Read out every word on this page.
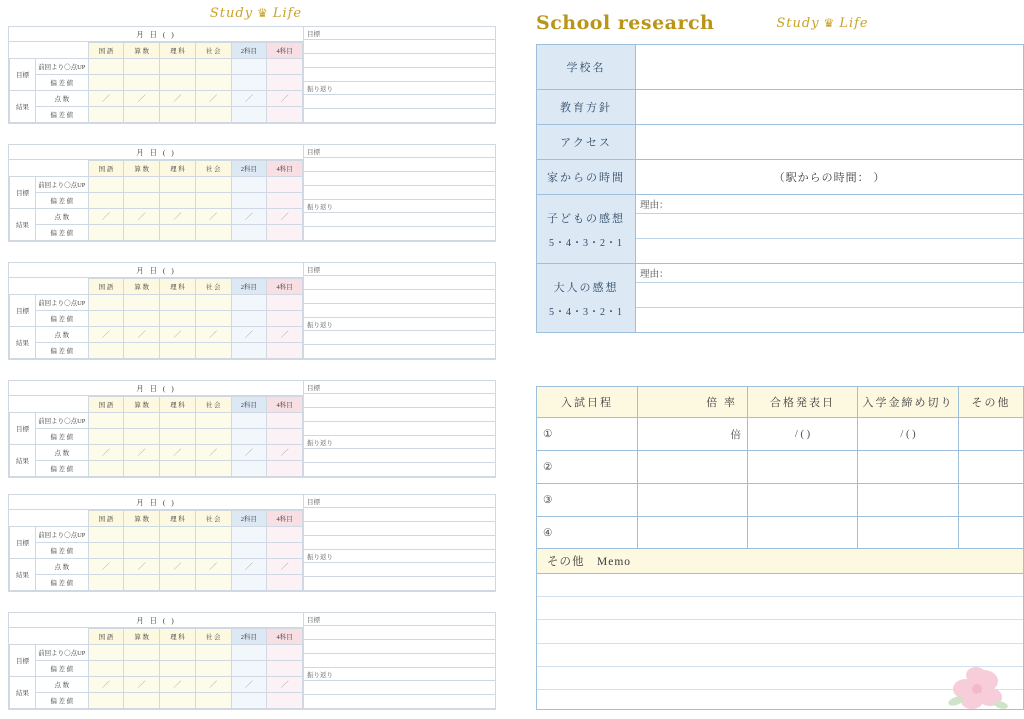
Study ♛ Life
月 日 ( )
		国 語	算 数	理 科	社 会	2科目	4科目
目標	前回より〇点UP						
	偏 差 値						
結果	点 数	／	／	／	／	／	／
	偏 差 値						
目標
振り返り
月 日 ( )
		国 語	算 数	理 科	社 会	2科目	4科目
目標	前回より〇点UP						
	偏 差 値						
結果	点 数	／	／	／	／	／	／
	偏 差 値						
目標
振り返り
月 日 ( )
		国 語	算 数	理 科	社 会	2科目	4科目
目標	前回より〇点UP						
	偏 差 値						
結果	点 数	／	／	／	／	／	／
	偏 差 値						
目標
振り返り
月 日 ( )
		国 語	算 数	理 科	社 会	2科目	4科目
目標	前回より〇点UP						
	偏 差 値						
結果	点 数	／	／	／	／	／	／
	偏 差 値						
目標
振り返り
月 日 ( )
		国 語	算 数	理 科	社 会	2科目	4科目
目標	前回より〇点UP						
	偏 差 値						
結果	点 数	／	／	／	／	／	／
	偏 差 値						
目標
振り返り
月 日 ( )
		国 語	算 数	理 科	社 会	2科目	4科目
目標	前回より〇点UP						
	偏 差 値						
結果	点 数	／	／	／	／	／	／
	偏 差 値						
目標
振り返り
School research	Study ♛ Life
学校名	
教育方針	
アクセス	
家からの時間	（駅からの時間： ）
子どもの感想
5・4・3・2・1	理由：

大人の感想
5・4・3・2・1	理由：
入試日程	倍 率	合格発表日	入学金締め切り	その他
①	倍	/ ( )	/ ( )	
②				
③				
④				
その他　Memo
